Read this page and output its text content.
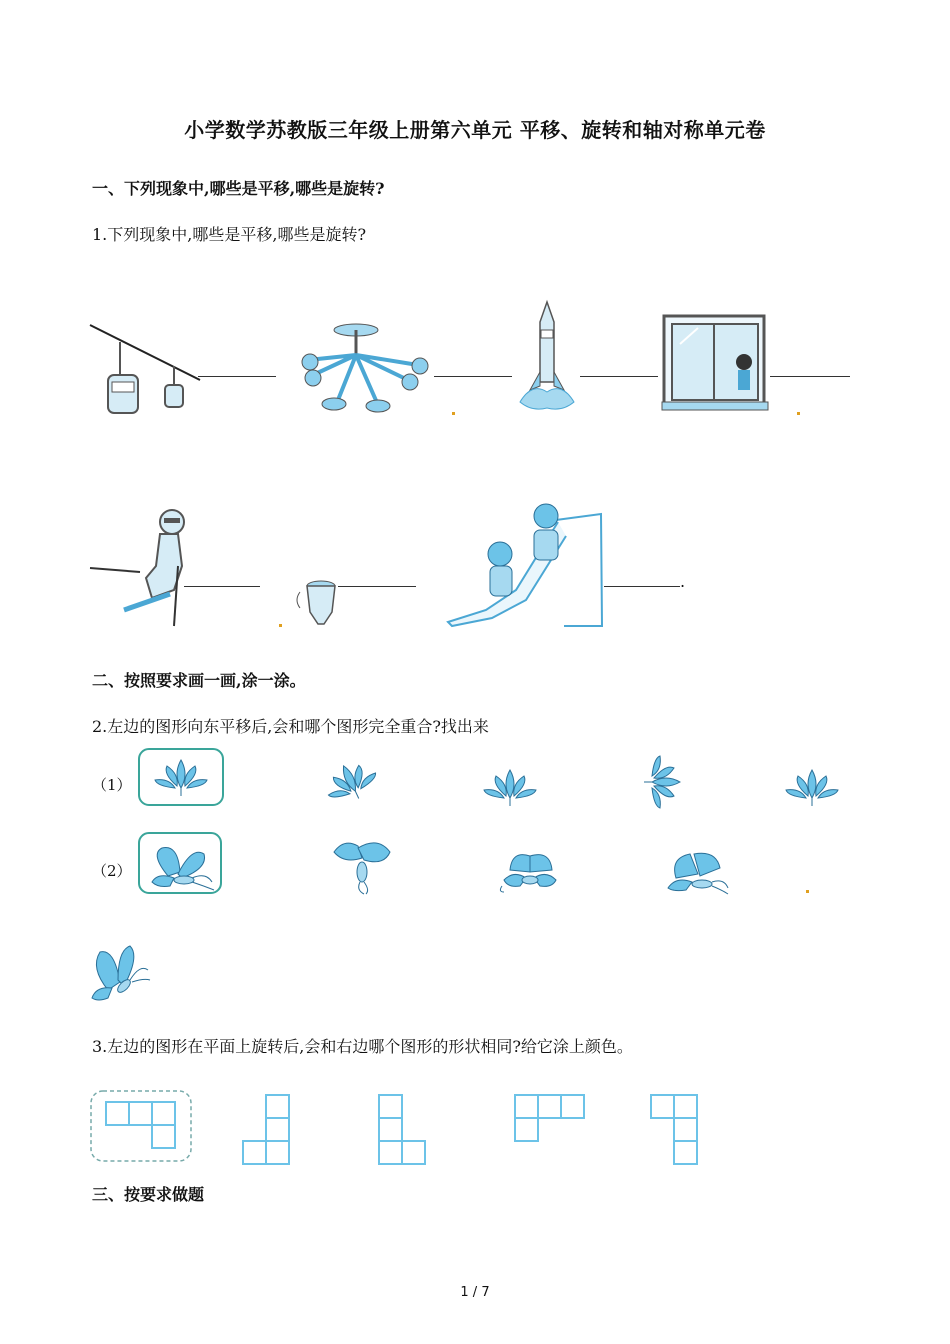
小学数学苏教版三年级上册第六单元 平移、旋转和轴对称单元卷
一、下列现象中,哪些是平移,哪些是旋转?
1.下列现象中,哪些是平移,哪些是旋转?
.
二、按照要求画一画,涂一涂。
2.左边的图形向东平移后,会和哪个图形完全重合?找出来
（1）
（2）
3.左边的图形在平面上旋转后,会和右边哪个图形的形状相同?给它涂上颜色。
三、按要求做题
1 / 7
